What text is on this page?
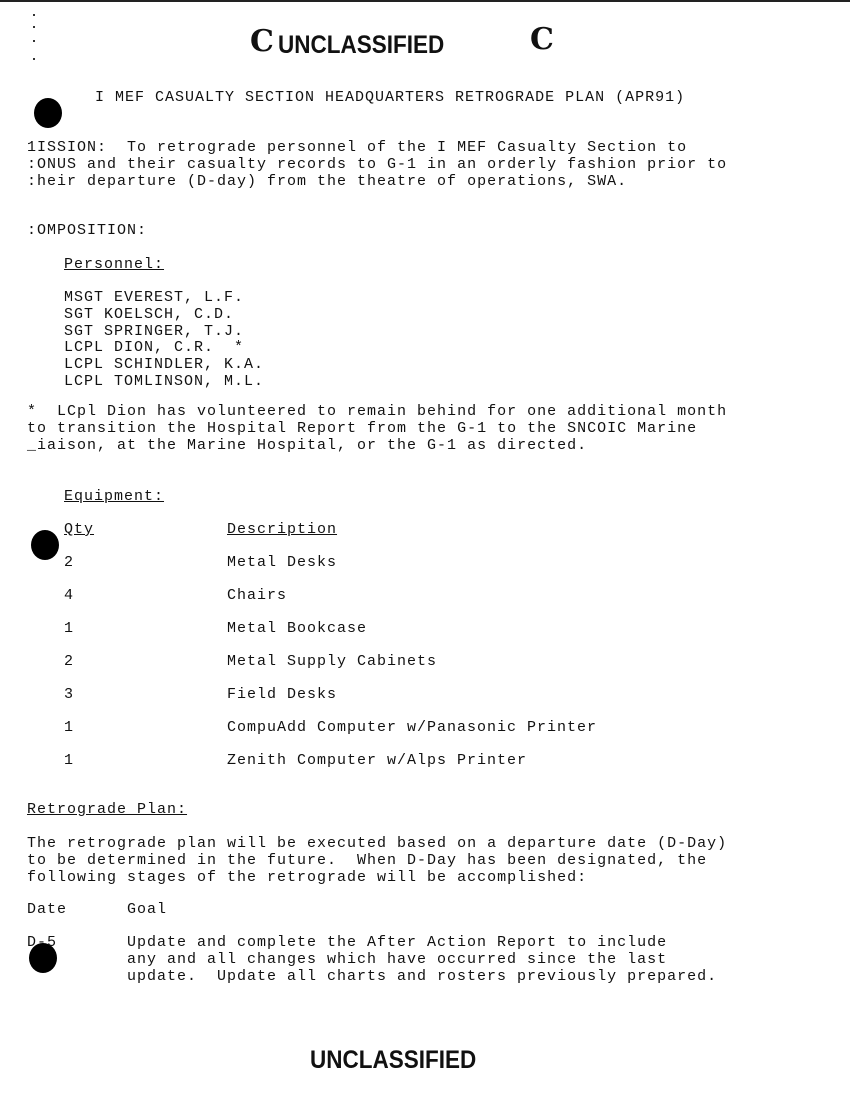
C UNCLASSIFIED	C
I MEF CASUALTY SECTION HEADQUARTERS RETROGRADE PLAN (APR91)
1ISSION:  To retrograde personnel of the I MEF Casualty Section to
:ONUS and their casualty records to G-1 in an orderly fashion prior to
:heir departure (D-day) from the theatre of operations, SWA.
:OMPOSITION:
Personnel:
MSGT EVEREST, L.F.
SGT KOELSCH, C.D.
SGT SPRINGER, T.J.
LCPL DION, C.R.  *
LCPL SCHINDLER, K.A.
LCPL TOMLINSON, M.L.
*  LCpl Dion has volunteered to remain behind for one additional month
to transition the Hospital Report from the G-1 to the SNCOIC Marine
_iaison, at the Marine Hospital, or the G-1 as directed.
Equipment:
Qty	Description
2	Metal Desks
4	Chairs
1	Metal Bookcase
2	Metal Supply Cabinets
3	Field Desks
1	CompuAdd Computer w/Panasonic Printer
1	Zenith Computer w/Alps Printer
Retrograde Plan:
The retrograde plan will be executed based on a departure date (D-Day)
to be determined in the future.  When D-Day has been designated, the
following stages of the retrograde will be accomplished:
Date	Goal
D-5	Update and complete the After Action Report to include
any and all changes which have occurred since the last
update.  Update all charts and rosters previously prepared.
UNCLASSIFIED
